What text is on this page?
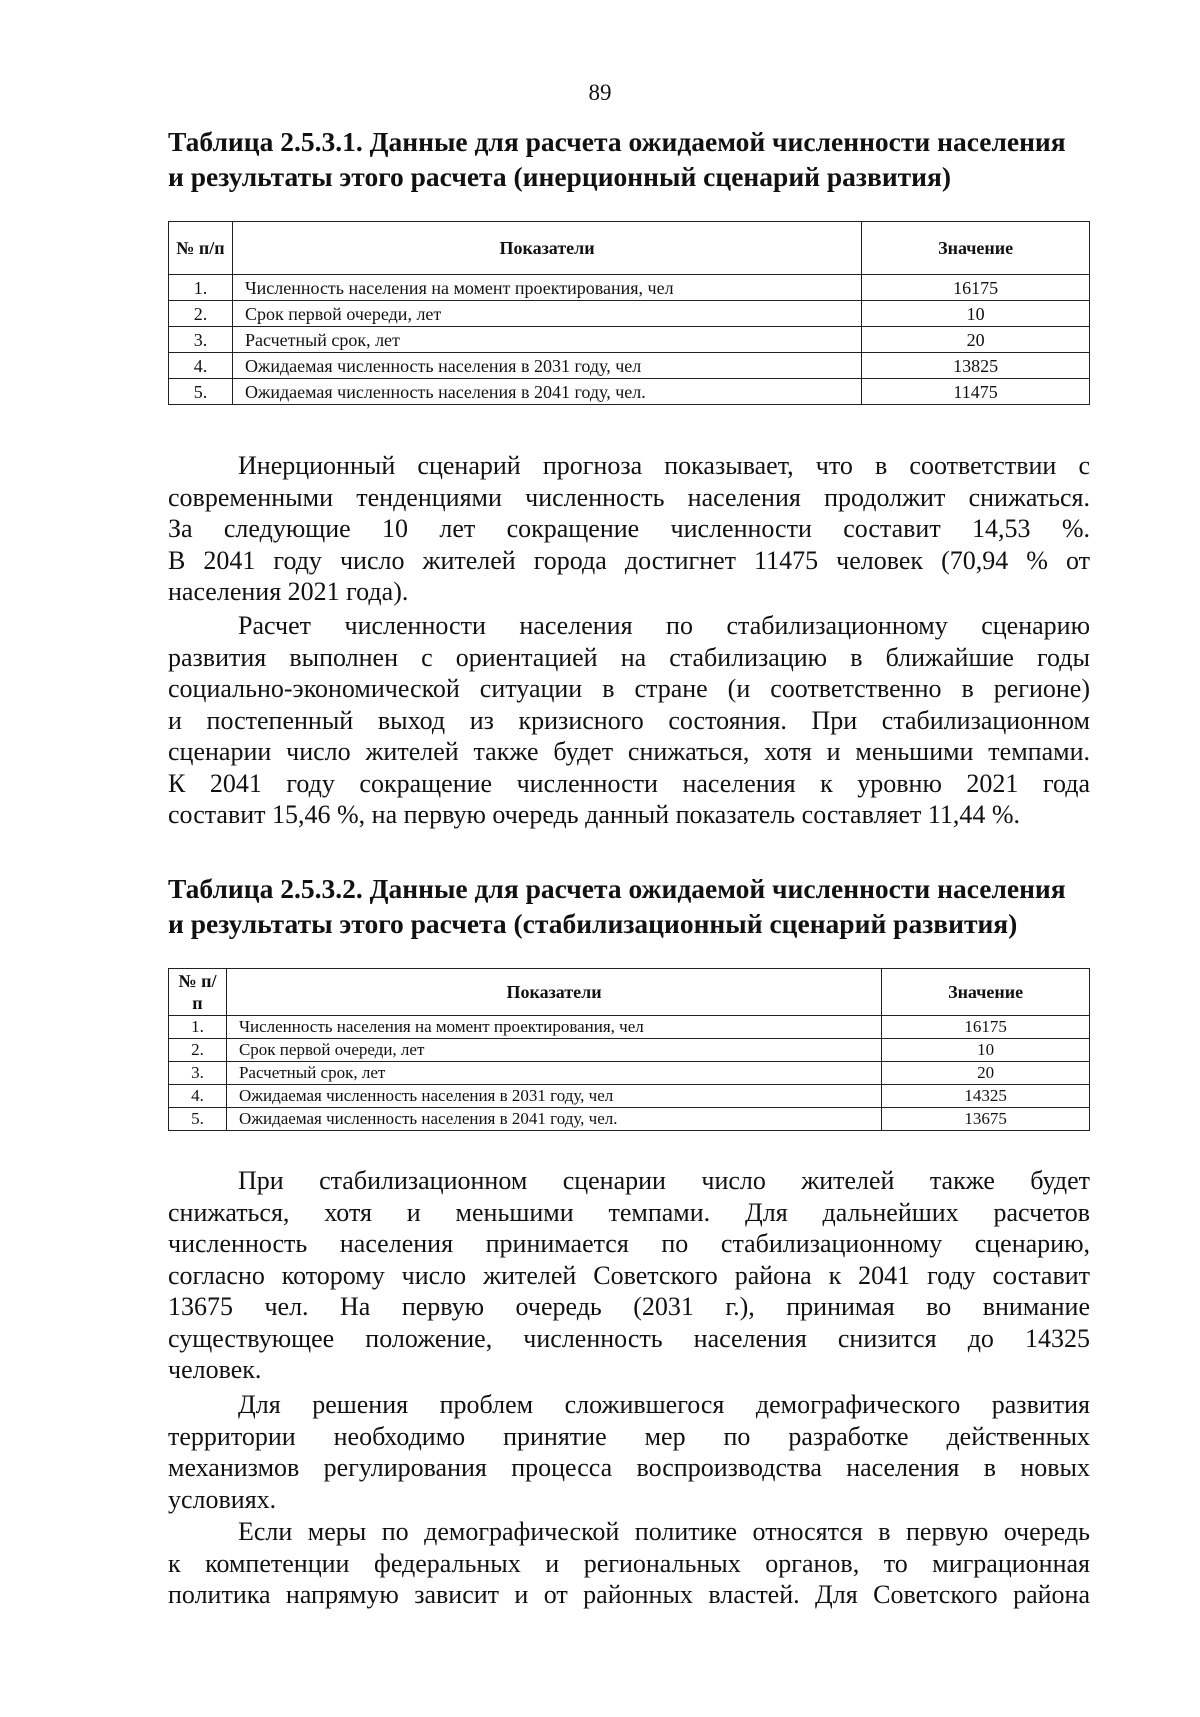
89
Таблица 2.5.3.1. Данные для расчета ожидаемой численности населения
и результаты этого расчета (инерционный сценарий развития)
№ п/п	Показатели	Значение
1.	Численность населения на момент проектирования, чел	16175
2.	Срок первой очереди, лет	10
3.	Расчетный срок, лет	20
4.	Ожидаемая численность населения в 2031 году, чел	13825
5.	Ожидаемая численность населения в 2041 году, чел.	11475
Инерционный сценарий прогноза показывает, что в соответствии с
современными тенденциями численность населения продолжит снижаться.
За следующие 10 лет сокращение численности составит 14,53 %.
В 2041 году число жителей города достигнет 11475 человек (70,94 % от
населения 2021 года).
Расчет численности населения по стабилизационному сценарию
развития выполнен с ориентацией на стабилизацию в ближайшие годы
социально-экономической ситуации в стране (и соответственно в регионе)
и постепенный выход из кризисного состояния. При стабилизационном
сценарии число жителей также будет снижаться, хотя и меньшими темпами.
К 2041 году сокращение численности населения к уровню 2021 года
составит 15,46 %, на первую очередь данный показатель составляет 11,44 %.
Таблица 2.5.3.2. Данные для расчета ожидаемой численности населения
и результаты этого расчета (стабилизационный сценарий развития)
№ п/п	Показатели	Значение
1.	Численность населения на момент проектирования, чел	16175
2.	Срок первой очереди, лет	10
3.	Расчетный срок, лет	20
4.	Ожидаемая численность населения в 2031 году, чел	14325
5.	Ожидаемая численность населения в 2041 году, чел.	13675
При стабилизационном сценарии число жителей также будет
снижаться, хотя и меньшими темпами. Для дальнейших расчетов
численность населения принимается по стабилизационному сценарию,
согласно которому число жителей Советского района к 2041 году составит
13675 чел. На первую очередь (2031 г.), принимая во внимание
существующее положение, численность населения снизится до 14325
человек.
Для решения проблем сложившегося демографического развития
территории необходимо принятие мер по разработке действенных
механизмов регулирования процесса воспроизводства населения в новых
условиях.
Если меры по демографической политике относятся в первую очередь
к компетенции федеральных и региональных органов, то миграционная
политика напрямую зависит и от районных властей. Для Советского района
